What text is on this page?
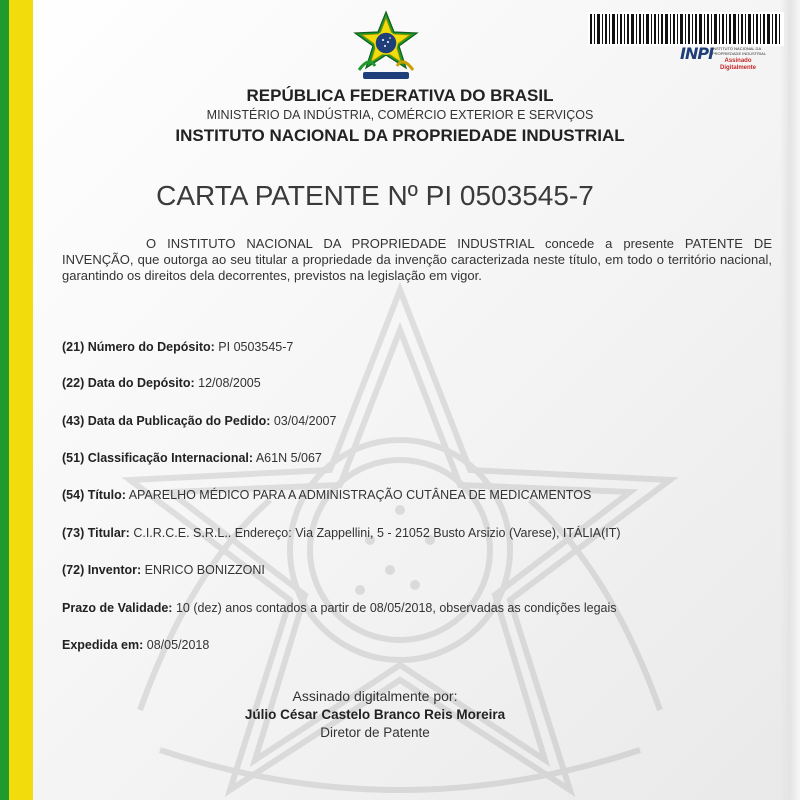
INPI
INSTITUTO NACIONAL DA PROPRIEDADE INDUSTRIAL
Assinado Digitalmente
REPÚBLICA FEDERATIVA DO BRASIL
MINISTÉRIO DA INDÚSTRIA, COMÉRCIO EXTERIOR E SERVIÇOS
INSTITUTO NACIONAL DA PROPRIEDADE INDUSTRIAL
CARTA PATENTE Nº PI 0503545-7
O INSTITUTO NACIONAL DA PROPRIEDADE INDUSTRIAL concede a presente PATENTE DE INVENÇÃO, que outorga ao seu titular a propriedade da invenção caracterizada neste título, em todo o território nacional, garantindo os direitos dela decorrentes, previstos na legislação em vigor.
(21) Número do Depósito: PI 0503545-7
(22) Data do Depósito: 12/08/2005
(43) Data da Publicação do Pedido: 03/04/2007
(51) Classificação Internacional: A61N 5/067
(54) Título: APARELHO MÉDICO PARA A ADMINISTRAÇÃO CUTÂNEA DE MEDICAMENTOS
(73) Titular: C.I.R.C.E. S.R.L.. Endereço: Via Zappellini, 5 - 21052 Busto Arsizio (Varese), ITÁLIA(IT)
(72) Inventor: ENRICO BONIZZONI
Prazo de Validade: 10 (dez) anos contados a partir de 08/05/2018, observadas as condições legais
Expedida em: 08/05/2018
Assinado digitalmente por:
Júlio César Castelo Branco Reis Moreira
Diretor de Patente
